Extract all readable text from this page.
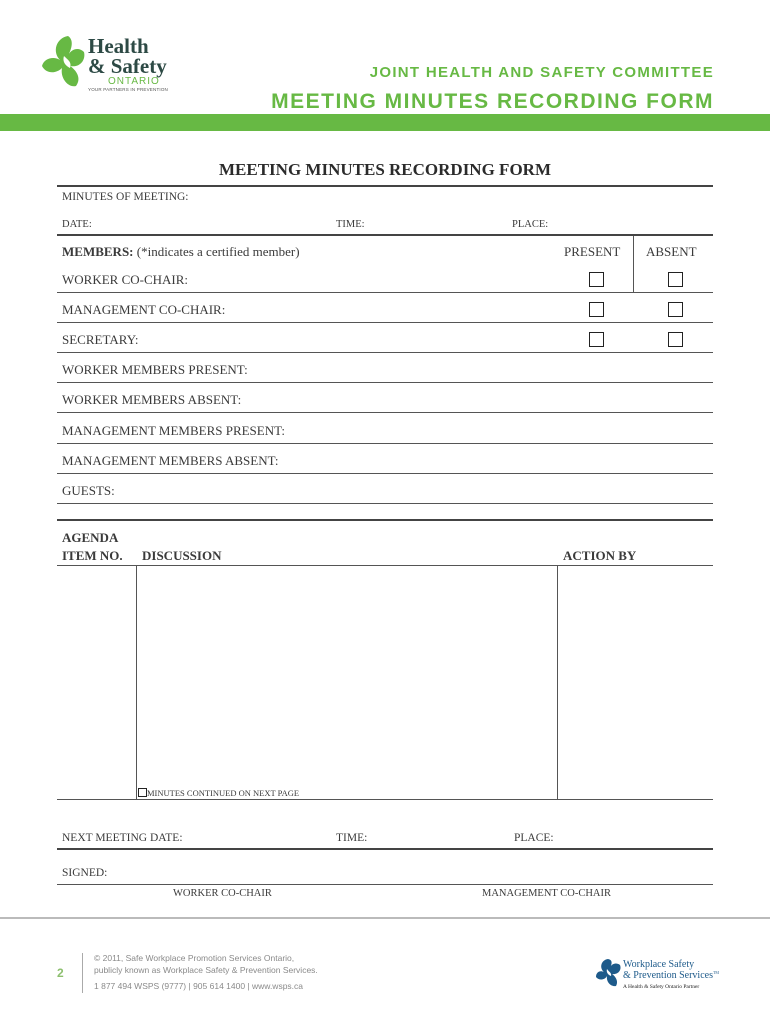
Health
& Safety
ONTARIO
YOUR PARTNERS IN PREVENTION
JOINT HEALTH AND SAFETY COMMITTEE
MEETING MINUTES RECORDING FORM
MEETING MINUTES RECORDING FORM
MINUTES OF MEETING:
DATE:	TIME:	PLACE:
MEMBERS: (*indicates a certified member)	PRESENT ABSENT
WORKER CO-CHAIR:
MANAGEMENT CO-CHAIR:
SECRETARY:
WORKER MEMBERS PRESENT:
WORKER MEMBERS ABSENT:
MANAGEMENT MEMBERS PRESENT:
MANAGEMENT MEMBERS ABSENT:
GUESTS:
AGENDA
ITEM NO. DISCUSSION	ACTION BY
MINUTES CONTINUED ON NEXT PAGE
NEXT MEETING DATE:	TIME:	PLACE:
SIGNED:
WORKER CO-CHAIR	MANAGEMENT CO-CHAIR
2
© 2011, Safe Workplace Promotion Services Ontario,
publicly known as Workplace Safety & Prevention Services.
1 877 494 WSPS (9777) | 905 614 1400 | www.wsps.ca
Workplace Safety
& Prevention Services™
A Health & Safety Ontario Partner
